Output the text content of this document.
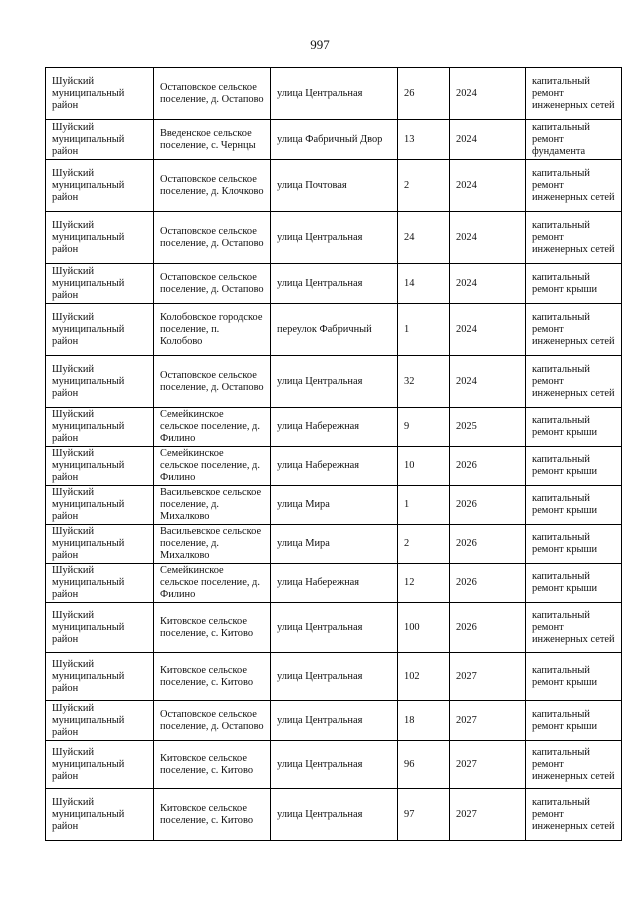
997
Шуйский муниципальный район	Остаповское сельское поселение, д. Остапово	улица Центральная	26	2024	капитальный ремонт инженерных сетей
Шуйский муниципальный район	Введенское сельское поселение, с. Чернцы	улица Фабричный Двор	13	2024	капитальный ремонт фундамента
Шуйский муниципальный район	Остаповское сельское поселение, д. Клочково	улица Почтовая	2	2024	капитальный ремонт инженерных сетей
Шуйский муниципальный район	Остаповское сельское поселение, д. Остапово	улица Центральная	24	2024	капитальный ремонт инженерных сетей
Шуйский муниципальный район	Остаповское сельское поселение, д. Остапово	улица Центральная	14	2024	капитальный ремонт крыши
Шуйский муниципальный район	Колобовское городское поселение, п. Колобово	переулок Фабричный	1	2024	капитальный ремонт инженерных сетей
Шуйский муниципальный район	Остаповское сельское поселение, д. Остапово	улица Центральная	32	2024	капитальный ремонт инженерных сетей
Шуйский муниципальный район	Семейкинское сельское поселение, д. Филино	улица Набережная	9	2025	капитальный ремонт крыши
Шуйский муниципальный район	Семейкинское сельское поселение, д. Филино	улица Набережная	10	2026	капитальный ремонт крыши
Шуйский муниципальный район	Васильевское сельское поселение, д. Михалково	улица Мира	1	2026	капитальный ремонт крыши
Шуйский муниципальный район	Васильевское сельское поселение, д. Михалково	улица Мира	2	2026	капитальный ремонт крыши
Шуйский муниципальный район	Семейкинское сельское поселение, д. Филино	улица Набережная	12	2026	капитальный ремонт крыши
Шуйский муниципальный район	Китовское сельское поселение, с. Китово	улица Центральная	100	2026	капитальный ремонт инженерных сетей
Шуйский муниципальный район	Китовское сельское поселение, с. Китово	улица Центральная	102	2027	капитальный ремонт крыши
Шуйский муниципальный район	Остаповское сельское поселение, д. Остапово	улица Центральная	18	2027	капитальный ремонт крыши
Шуйский муниципальный район	Китовское сельское поселение, с. Китово	улица Центральная	96	2027	капитальный ремонт инженерных сетей
Шуйский муниципальный район	Китовское сельское поселение, с. Китово	улица Центральная	97	2027	капитальный ремонт инженерных сетей
